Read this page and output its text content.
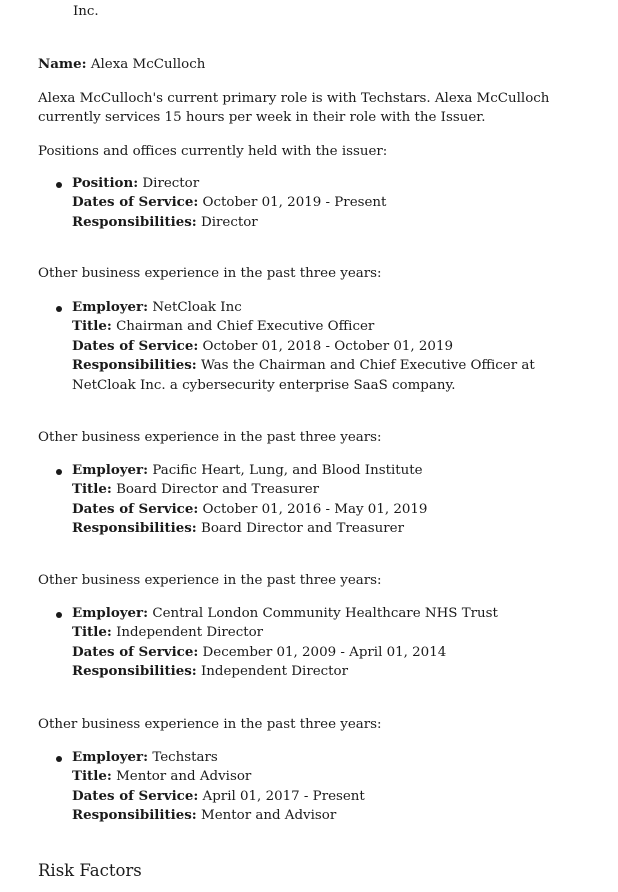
Inc.

Name: Alexa McCulloch

Alexa McCulloch's current primary role is with Techstars. Alexa McCulloch currently services 15 hours per week in their role with the Issuer.

Positions and offices currently held with the issuer:

Position: Director
Dates of Service: October 01, 2019 - Present
Responsibilities: Director

Other business experience in the past three years:

Employer: NetCloak Inc
Title: Chairman and Chief Executive Officer
Dates of Service: October 01, 2018 - October 01, 2019
Responsibilities: Was the Chairman and Chief Executive Officer at NetCloak Inc. a cybersecurity enterprise SaaS company.

Other business experience in the past three years:

Employer: Pacific Heart, Lung, and Blood Institute
Title: Board Director and Treasurer
Dates of Service: October 01, 2016 - May 01, 2019
Responsibilities: Board Director and Treasurer

Other business experience in the past three years:

Employer: Central London Community Healthcare NHS Trust
Title: Independent Director
Dates of Service: December 01, 2009 - April 01, 2014
Responsibilities: Independent Director

Other business experience in the past three years:

Employer: Techstars
Title: Mentor and Advisor
Dates of Service: April 01, 2017 - Present
Responsibilities: Mentor and Advisor
Risk Factors
